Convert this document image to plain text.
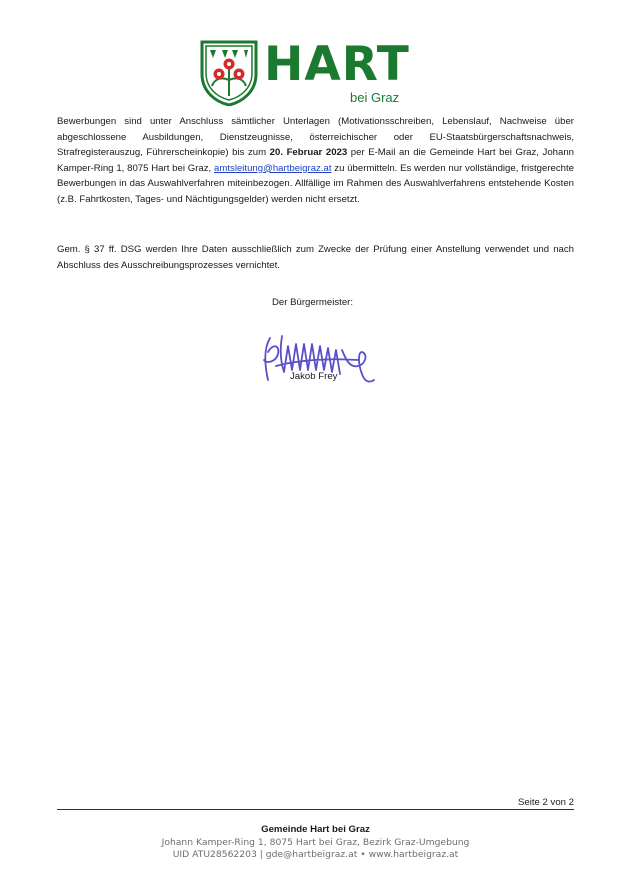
HART
bei Graz

Bewerbungen sind unter Anschluss sämtlicher Unterlagen (Motivationsschreiben, Lebenslauf, Nachweise über abgeschlossene Ausbildungen, Dienstzeugnisse, österreichischer oder EU-Staatsbürgerschaftsnachweis, Strafregisterauszug, Führerscheinkopie) bis zum 20. Februar 2023 per E-Mail an die Gemeinde Hart bei Graz, Johann Kamper-Ring 1, 8075 Hart bei Graz, amtsleitung@hartbeigraz.at zu übermitteln. Es werden nur vollständige, fristgerechte Bewerbungen in das Auswahlverfahren miteinbezogen. Allfällige im Rahmen des Auswahlverfahrens entstehende Kosten (z.B. Fahrtkosten, Tages- und Nächtigungsgelder) werden nicht ersetzt.

Gem. § 37 ff. DSG werden Ihre Daten ausschließlich zum Zwecke der Prüfung einer Anstellung verwendet und nach Abschluss des Ausschreibungsprozesses vernichtet.

Der Bürgermeister:
Jakob Frey
Seite 2 von 2
Gemeinde Hart bei Graz
Johann Kamper-Ring 1, 8075 Hart bei Graz, Bezirk Graz-Umgebung
UID ATU28562203 | gde@hartbeigraz.at • www.hartbeigraz.at
